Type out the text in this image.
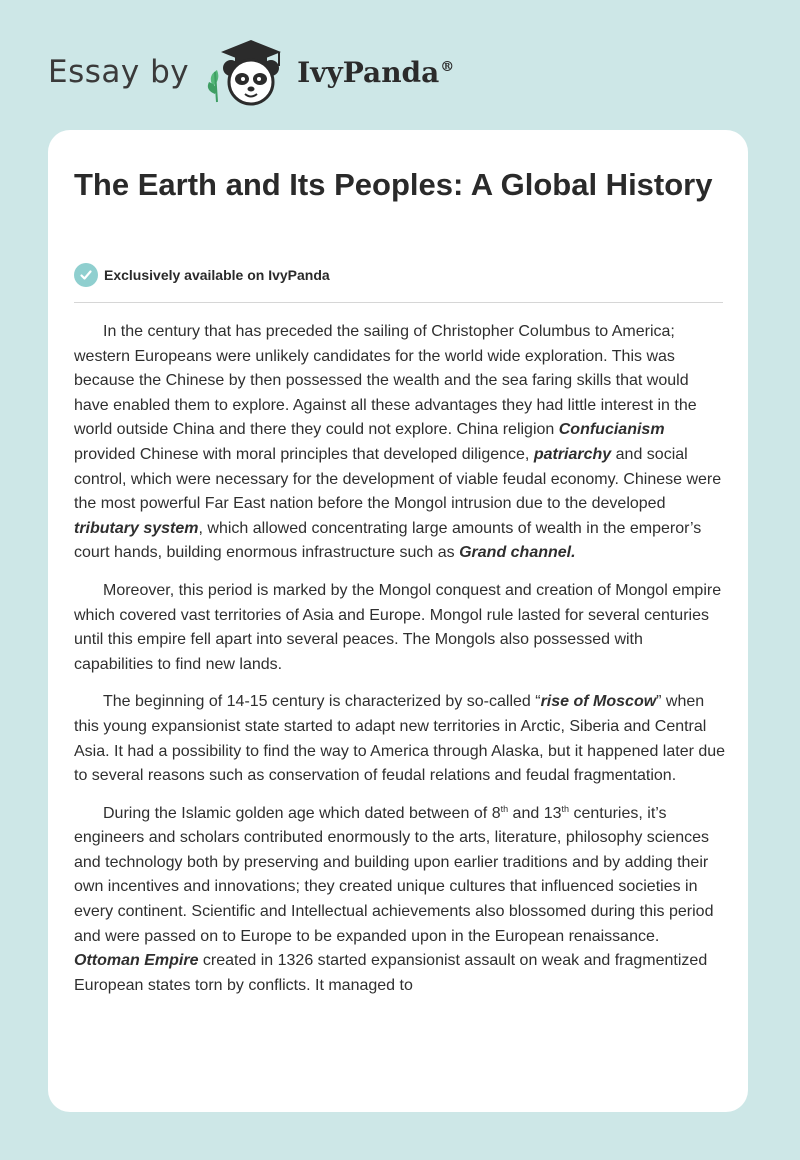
Essay by	IvyPanda®
The Earth and Its Peoples: A Global History
Exclusively available on IvyPanda

In the century that has preceded the sailing of Christopher Columbus to America; western Europeans were unlikely candidates for the world wide exploration. This was because the Chinese by then possessed the wealth and the sea faring skills that would have enabled them to explore. Against all these advantages they had little interest in the world outside China and there they could not explore. China religion Confucianism provided Chinese with moral principles that developed diligence, patriarchy and social control, which were necessary for the development of viable feudal economy. Chinese were the most powerful Far East nation before the Mongol intrusion due to the developed tributary system, which allowed concentrating large amounts of wealth in the emperor’s court hands, building enormous infrastructure such as Grand channel.

Moreover, this period is marked by the Mongol conquest and creation of Mongol empire which covered vast territories of Asia and Europe. Mongol rule lasted for several centuries until this empire fell apart into several peaces. The Mongols also possessed with capabilities to find new lands.

The beginning of 14-15 century is characterized by so-called “rise of Moscow” when this young expansionist state started to adapt new territories in Arctic, Siberia and Central Asia. It had a possibility to find the way to America through Alaska, but it happened later due to several reasons such as conservation of feudal relations and feudal fragmentation.

During the Islamic golden age which dated between of 8th and 13th centuries, it’s engineers and scholars contributed enormously to the arts, literature, philosophy sciences and technology both by preserving and building upon earlier traditions and by adding their own incentives and innovations; they created unique cultures that influenced societies in every continent. Scientific and Intellectual achievements also blossomed during this period and were passed on to Europe to be expanded upon in the European renaissance. Ottoman Empire created in 1326 started expansionist assault on weak and fragmentized European states torn by conflicts. It managed to
